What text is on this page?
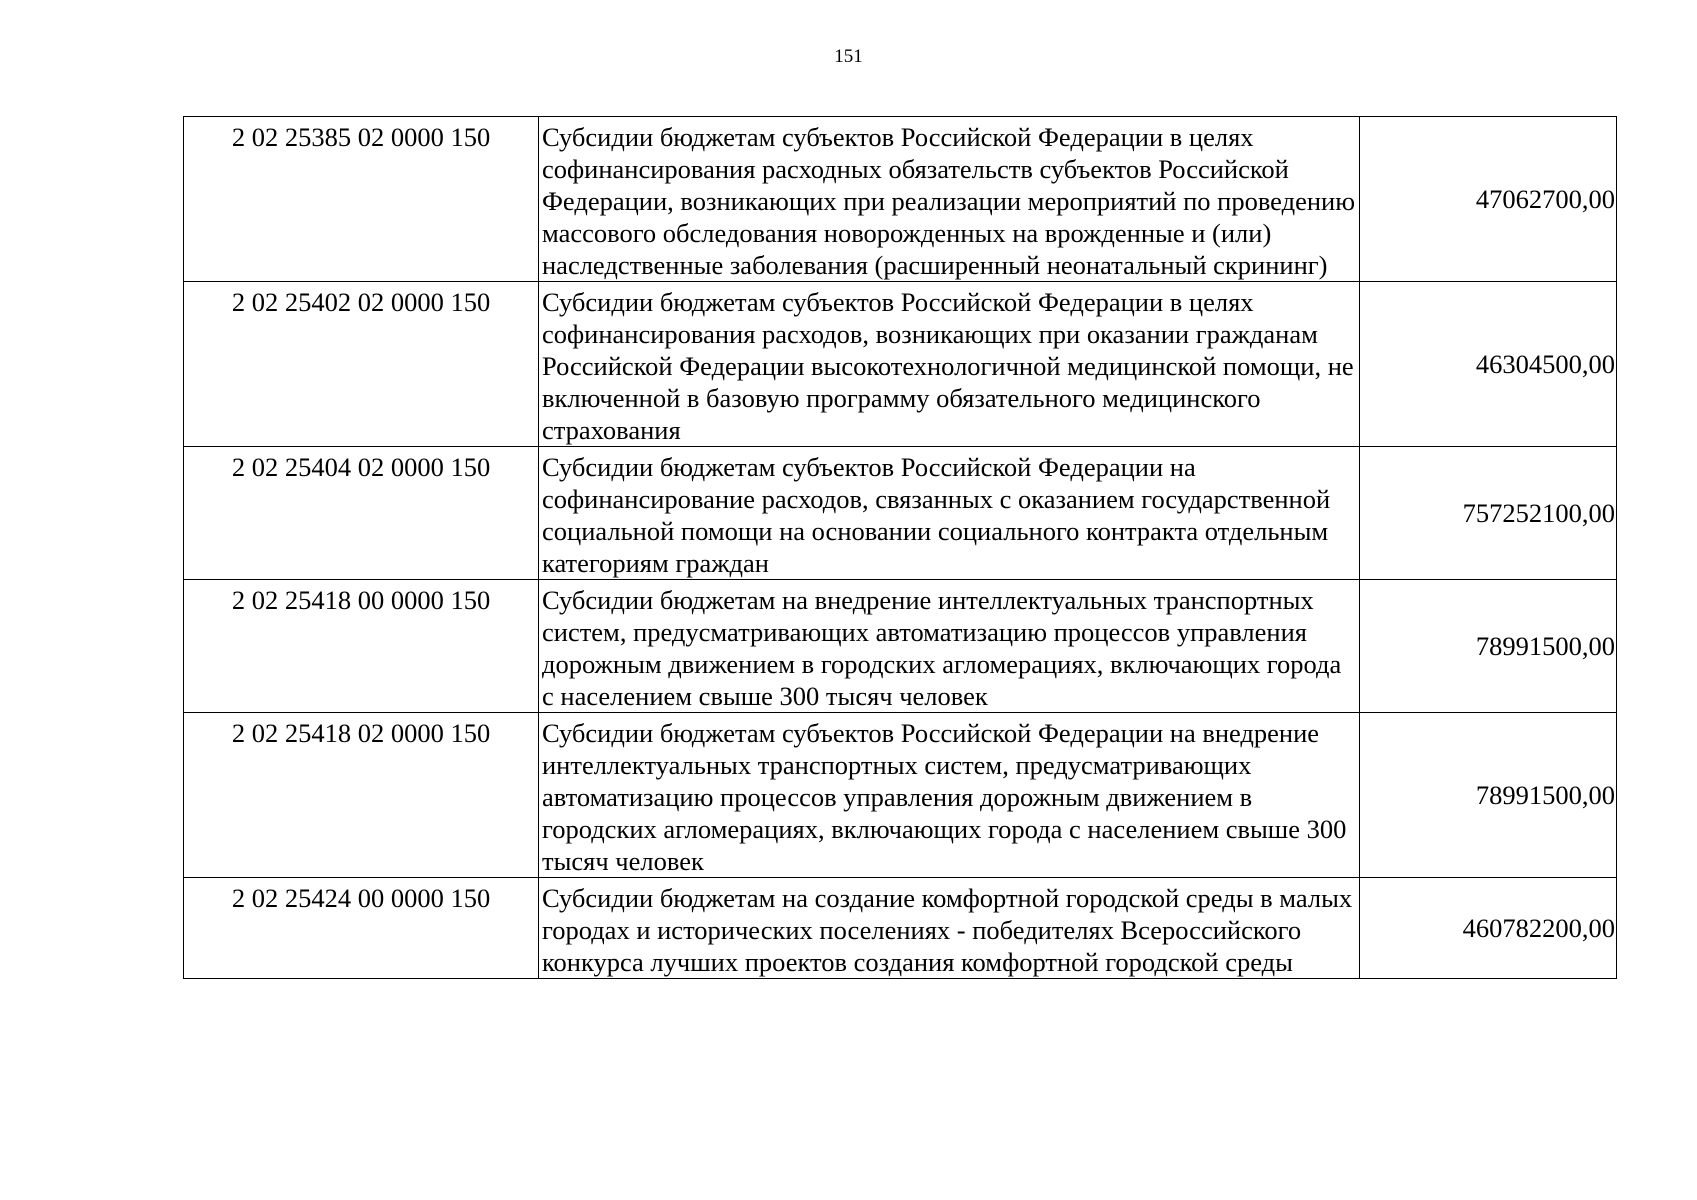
151
2 02 25385 02 0000 150	Субсидии бюджетам субъектов Российской Федерации в целях софинансирования расходных обязательств субъектов Российской Федерации, возникающих при реализации мероприятий по проведению массового обследования новорожденных на врожденные и (или) наследственные заболевания (расширенный неонатальный скрининг)	47062700,00
2 02 25402 02 0000 150	Субсидии бюджетам субъектов Российской Федерации в целях софинансирования расходов, возникающих при оказании гражданам Российской Федерации высокотехнологичной медицинской помощи, не включенной в базовую программу обязательного медицинского страхования	46304500,00
2 02 25404 02 0000 150	Субсидии бюджетам субъектов Российской Федерации на софинансирование расходов, связанных с оказанием государственной социальной помощи на основании социального контракта отдельным категориям граждан	757252100,00
2 02 25418 00 0000 150	Субсидии бюджетам на внедрение интеллектуальных транспортных систем, предусматривающих автоматизацию процессов управления дорожным движением в городских агломерациях, включающих города с населением свыше 300 тысяч человек	78991500,00
2 02 25418 02 0000 150	Субсидии бюджетам субъектов Российской Федерации на внедрение интеллектуальных транспортных систем, предусматривающих автоматизацию процессов управления дорожным движением в городских агломерациях, включающих города с населением свыше 300 тысяч человек	78991500,00
2 02 25424 00 0000 150	Субсидии бюджетам на создание комфортной городской среды в малых городах и исторических поселениях - победителях Всероссийского конкурса лучших проектов создания комфортной городской среды	460782200,00
